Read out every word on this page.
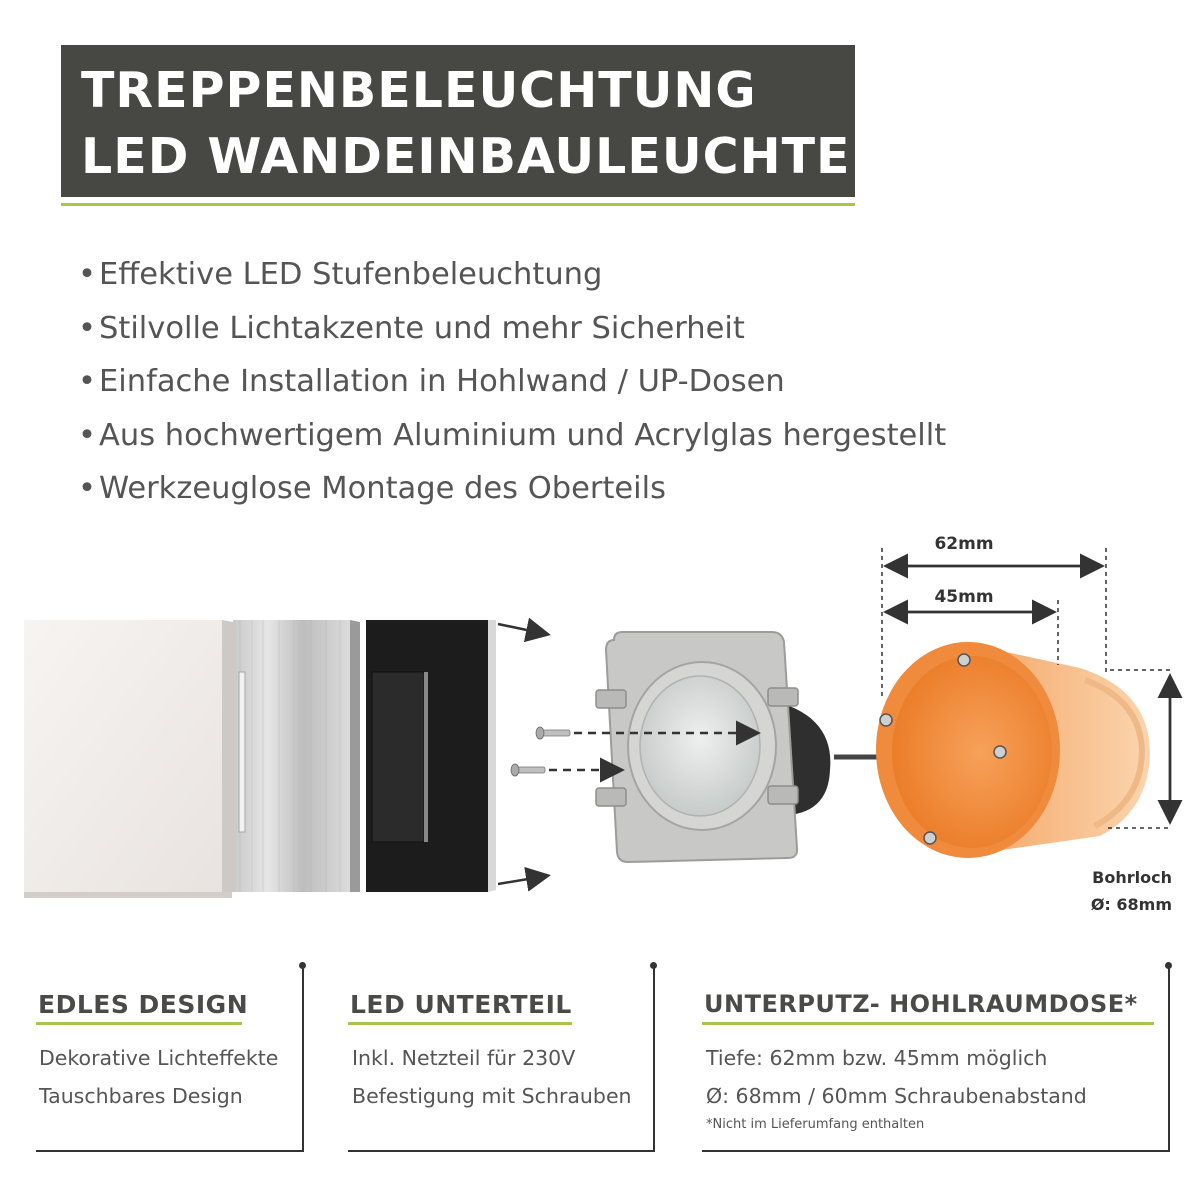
TREPPENBELEUCHTUNG
LED WANDEINBAULEUCHTE
•Effektive LED Stufenbeleuchtung
•Stilvolle Lichtakzente und mehr Sicherheit
•Einfache Installation in Hohlwand / UP-Dosen
•Aus hochwertigem Aluminium und Acrylglas hergestellt
•Werkzeuglose Montage des Oberteils
62mm
45mm
Bohrloch
Ø: 68mm
EDLES DESIGN
Dekorative Lichteffekte
Tauschbares Design
LED UNTERTEIL
Inkl. Netzteil für 230V
Befestigung mit Schrauben
UNTERPUTZ- HOHLRAUMDOSE*
Tiefe: 62mm bzw. 45mm möglich
Ø: 68mm / 60mm Schraubenabstand
*Nicht im Lieferumfang enthalten
